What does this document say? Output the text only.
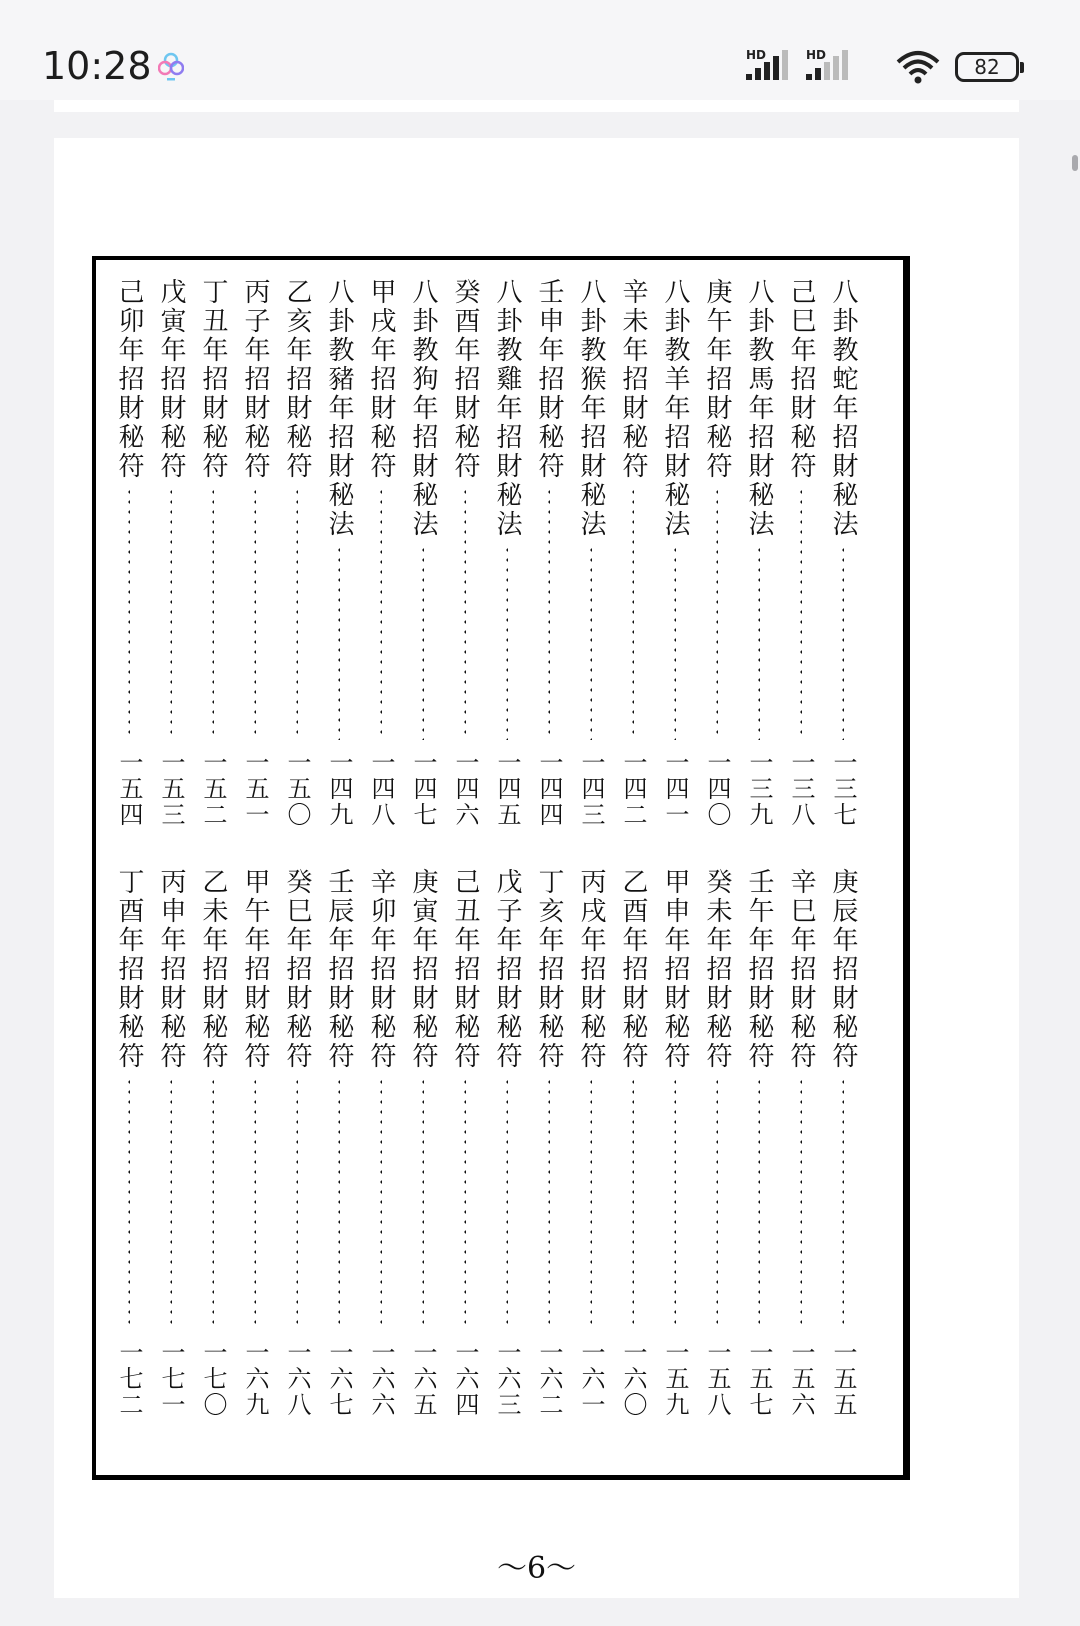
10:28	HD	HD	82
八卦教蛇年招財秘法
一三七
己巳年招財秘符
一三八
八卦教馬年招財秘法
一三九
庚午年招財秘符
一四〇
八卦教羊年招財秘法
一四一
辛未年招財秘符
一四二
八卦教猴年招財秘法
一四三
壬申年招財秘符
一四四
八卦教雞年招財秘法
一四五
癸酉年招財秘符
一四六
八卦教狗年招財秘法
一四七
甲戌年招財秘符
一四八
八卦教豬年招財秘法
一四九
乙亥年招財秘符
一五〇
丙子年招財秘符
一五一
丁丑年招財秘符
一五二
戊寅年招財秘符
一五三
己卯年招財秘符
一五四
庚辰年招財秘符
一五五
辛巳年招財秘符
一五六
壬午年招財秘符
一五七
癸未年招財秘符
一五八
甲申年招財秘符
一五九
乙酉年招財秘符
一六〇
丙戌年招財秘符
一六一
丁亥年招財秘符
一六二
戊子年招財秘符
一六三
己丑年招財秘符
一六四
庚寅年招財秘符
一六五
辛卯年招財秘符
一六六
壬辰年招財秘符
一六七
癸巳年招財秘符
一六八
甲午年招財秘符
一六九
乙未年招財秘符
一七〇
丙申年招財秘符
一七一
丁酉年招財秘符
一七二
～6～
